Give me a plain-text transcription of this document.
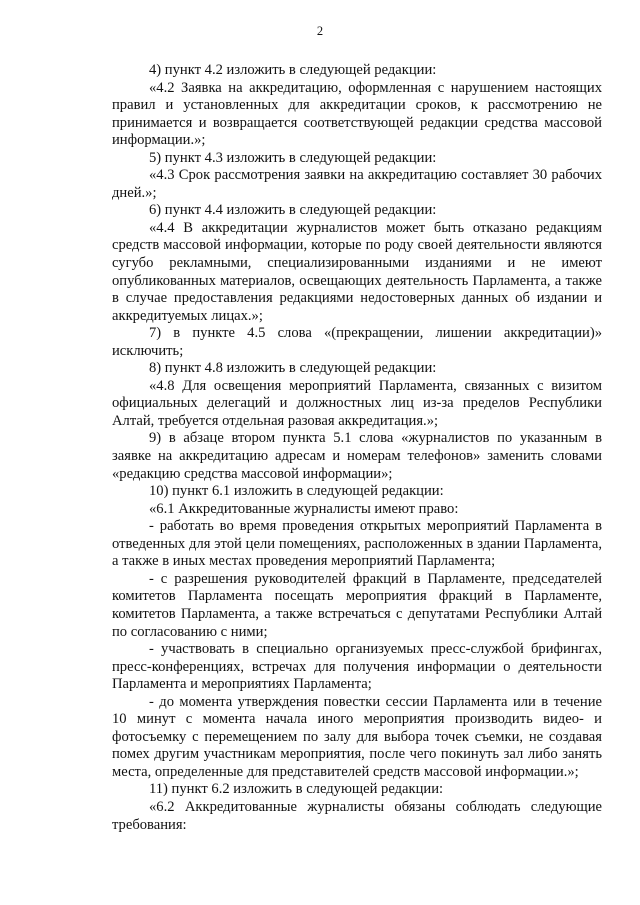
2

4) пункт 4.2 изложить в следующей редакции:

«4.2 Заявка на аккредитацию, оформленная с нарушением настоящих правил и установленных для аккредитации сроков, к рассмотрению не принимается и возвращается соответствующей редакции средства массовой информации.»;

5) пункт 4.3 изложить в следующей редакции:

«4.3 Срок рассмотрения заявки на аккредитацию составляет 30 рабочих дней.»;

6) пункт 4.4 изложить в следующей редакции:

«4.4 В аккредитации журналистов может быть отказано редакциям средств массовой информации, которые по роду своей деятельности являются сугубо рекламными, специализированными изданиями и не имеют опубликованных материалов, освещающих деятельность Парламента, а также в случае предоставления редакциями недостоверных данных об издании и аккредитуемых лицах.»;

7) в пункте 4.5 слова «(прекращении, лишении аккредитации)» исключить;

8) пункт 4.8 изложить в следующей редакции:

«4.8 Для освещения мероприятий Парламента, связанных с визитом официальных делегаций и должностных лиц из-за пределов Республики Алтай, требуется отдельная разовая аккредитация.»;

9) в абзаце втором пункта 5.1 слова «журналистов по указанным в заявке на аккредитацию адресам и номерам телефонов» заменить словами «редакцию средства массовой информации»;

10) пункт 6.1 изложить в следующей редакции:

«6.1 Аккредитованные журналисты имеют право:

- работать во время проведения открытых мероприятий Парламента в отведенных для этой цели помещениях, расположенных в здании Парламента, а также в иных местах проведения мероприятий Парламента;

- с разрешения руководителей фракций в Парламенте, председателей комитетов Парламента посещать мероприятия фракций в Парламенте, комитетов Парламента, а также встречаться с депутатами Республики Алтай по согласованию с ними;

- участвовать в специально организуемых пресс-службой брифингах, пресс-конференциях, встречах для получения информации о деятельности Парламента и мероприятиях Парламента;

- до момента утверждения повестки сессии Парламента или в течение 10 минут с момента начала иного мероприятия производить видео- и фотосъемку с перемещением по залу для выбора точек съемки, не создавая помех другим участникам мероприятия, после чего покинуть зал либо занять места, определенные для представителей средств массовой информации.»;

11) пункт 6.2 изложить в следующей редакции:

«6.2 Аккредитованные журналисты обязаны соблюдать следующие требования:
